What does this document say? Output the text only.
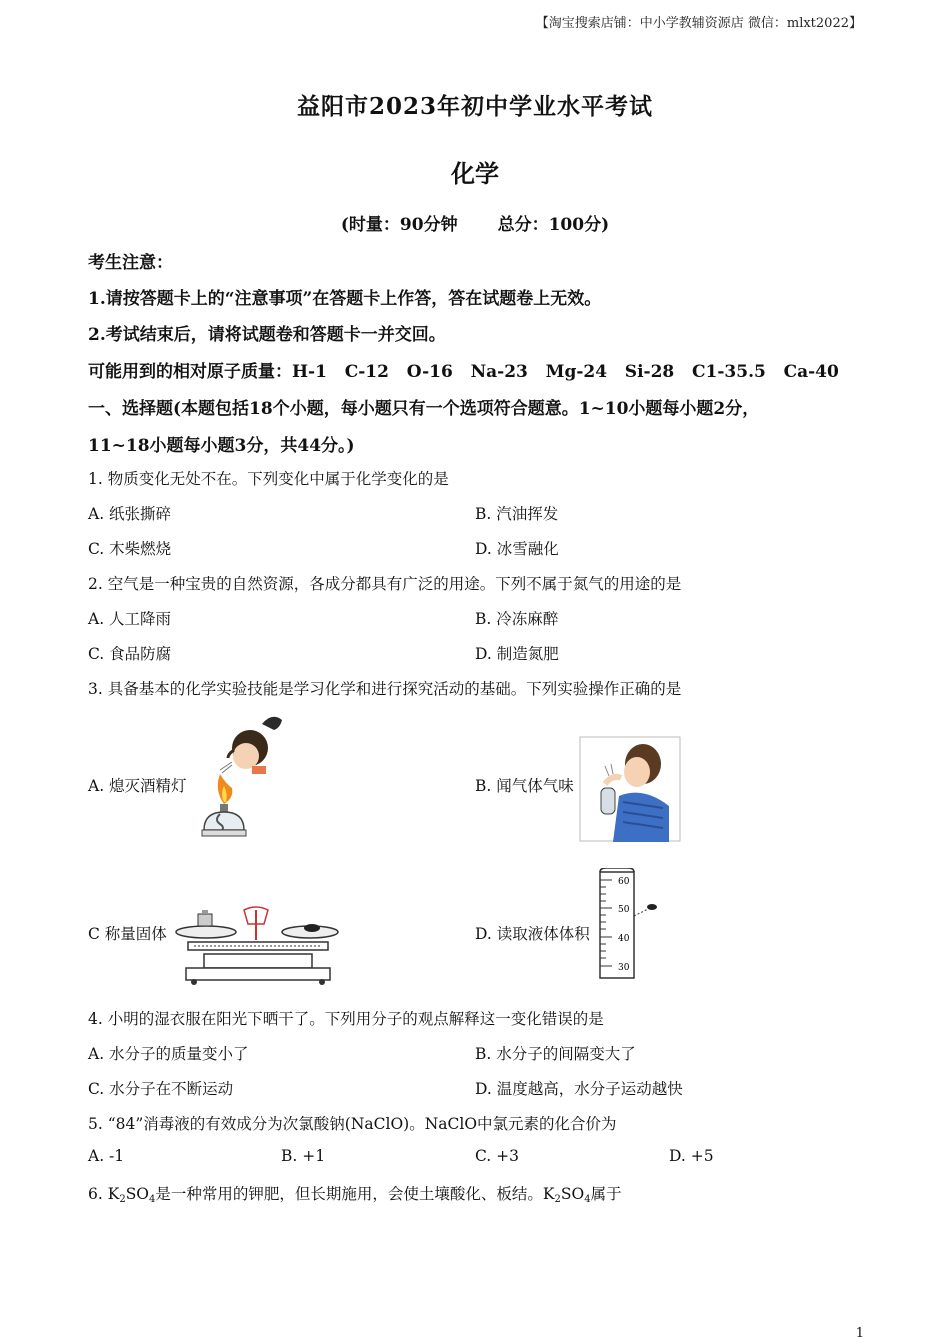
【淘宝搜索店铺：中小学教辅资源店 微信：mlxt2022】
益阳市2023年初中学业水平考试
化学
(时量：90分钟 总分：100分)
考生注意：
1.请按答题卡上的“注意事项”在答题卡上作答，答在试题卷上无效。
2.考试结束后，请将试题卷和答题卡一并交回。
可能用到的相对原子质量：H-1   C-12   O-16   Na-23   Mg-24   Si-28   C1-35.5   Ca-40
一、选择题(本题包括18个小题，每小题只有一个选项符合题意。1~10小题每小题2分，
11~18小题每小题3分，共44分。)
1. 物质变化无处不在。下列变化中属于化学变化的是
A. 纸张撕碎	B. 汽油挥发
C. 木柴燃烧	D. 冰雪融化
2. 空气是一种宝贵的自然资源，各成分都具有广泛的用途。下列不属于氮气的用途的是
A. 人工降雨	B. 冷冻麻醉
C. 食品防腐	D. 制造氮肥
3. 具备基本的化学实验技能是学习化学和进行探究活动的基础。下列实验操作正确的是
A. 熄灭酒精灯	B. 闻气体气味
C 称量固体	D. 读取液体体积
60
50
40
30
4. 小明的湿衣服在阳光下晒干了。下列用分子的观点解释这一变化错误的是
A. 水分子的质量变小了	B. 水分子的间隔变大了
C. 水分子在不断运动	D. 温度越高，水分子运动越快
5. “84”消毒液的有效成分为次氯酸钠(NaClO)。NaClO中氯元素的化合价为
A. -1	B. +1	C. +3	D. +5
6. $K_2SO_4$是一种常用的钾肥，但长期施用，会使土壤酸化、板结。$K_2SO_4$属于
1
